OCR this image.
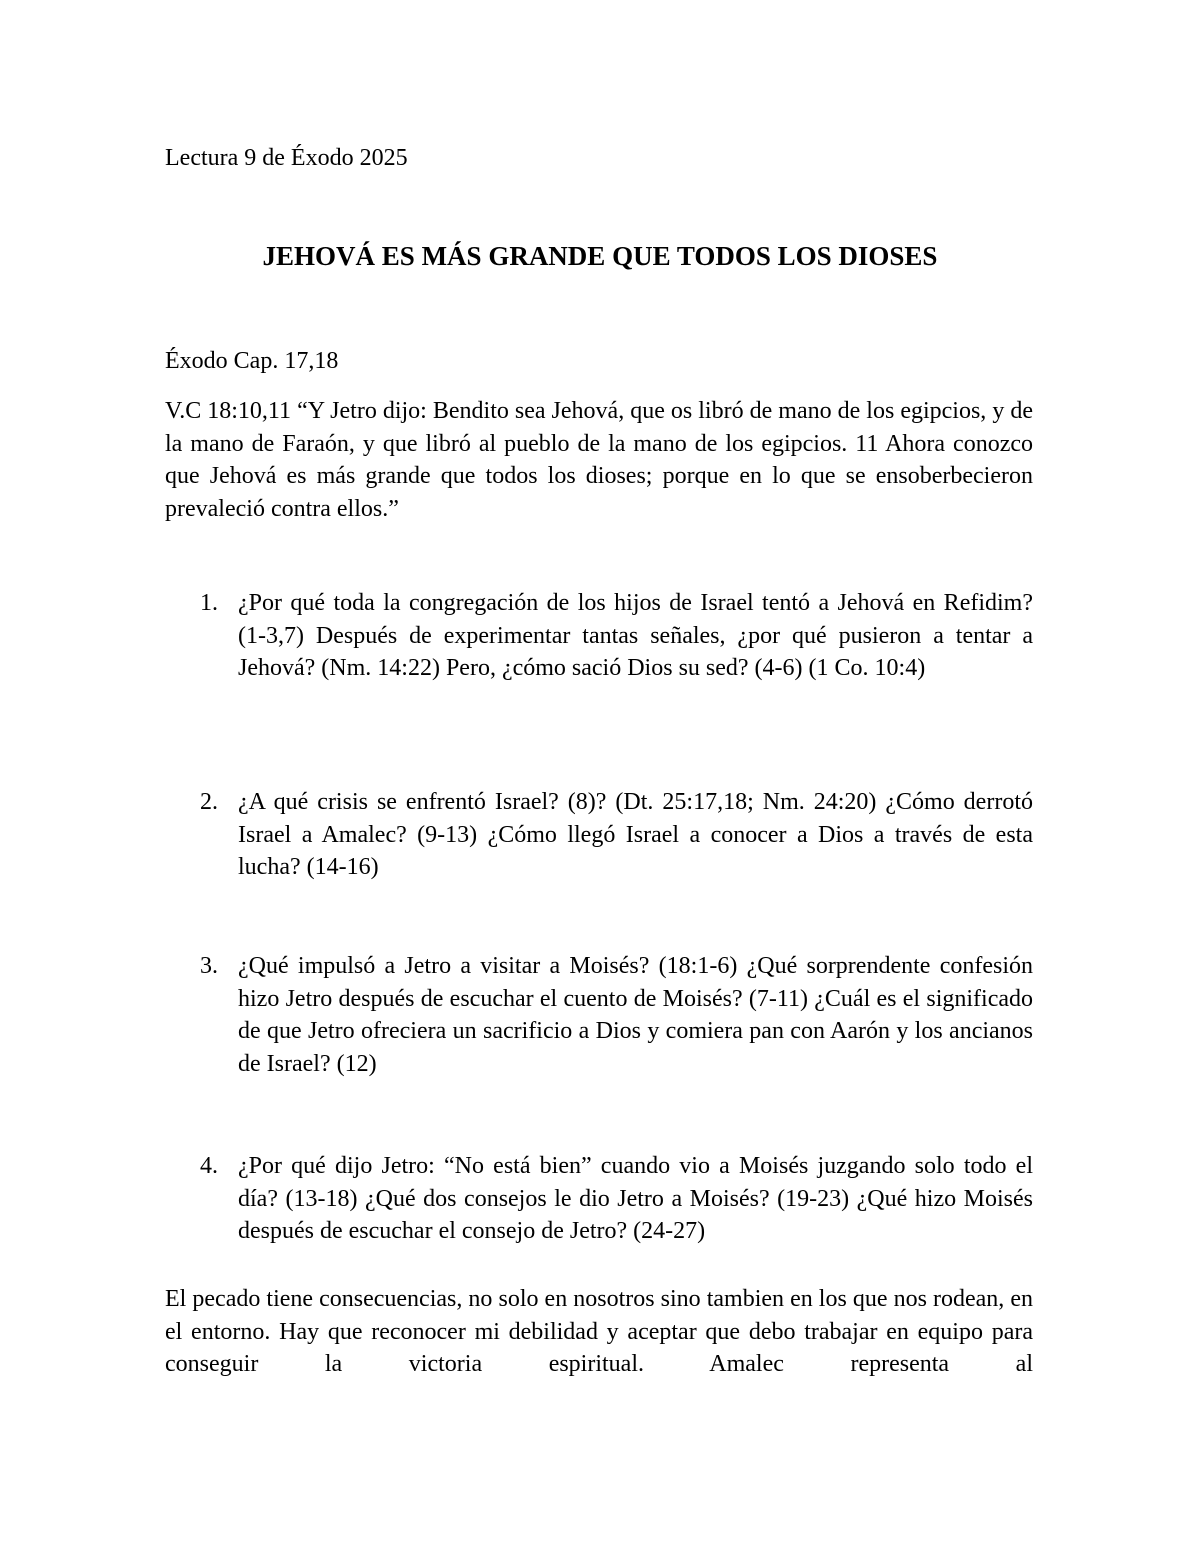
Lectura 9 de Éxodo 2025
JEHOVÁ ES MÁS GRANDE QUE TODOS LOS DIOSES
Éxodo Cap. 17,18
V.C 18:10,11 “Y Jetro dijo: Bendito sea Jehová, que os libró de mano de los egipcios, y de la mano de Faraón, y que libró al pueblo de la mano de los egipcios. 11 Ahora conozco que Jehová es más grande que todos los dioses; porque en lo que se ensoberbecieron prevaleció contra ellos.”
1. ¿Por qué toda la congregación de los hijos de Israel tentó a Jehová en Refidim? (1-3,7) Después de experimentar tantas señales, ¿por qué pusieron a tentar a Jehová? (Nm. 14:22) Pero, ¿cómo sació Dios su sed? (4-6) (1 Co. 10:4)
2. ¿A qué crisis se enfrentó Israel? (8)? (Dt. 25:17,18; Nm. 24:20) ¿Cómo derrotó Israel a Amalec? (9-13) ¿Cómo llegó Israel a conocer a Dios a través de esta lucha? (14-16)
3. ¿Qué impulsó a Jetro a visitar a Moisés? (18:1-6) ¿Qué sorprendente confesión hizo Jetro después de escuchar el cuento de Moisés? (7-11) ¿Cuál es el significado de que Jetro ofreciera un sacrificio a Dios y comiera pan con Aarón y los ancianos de Israel? (12)
4. ¿Por qué dijo Jetro: “No está bien” cuando vio a Moisés juzgando solo todo el día? (13-18) ¿Qué dos consejos le dio Jetro a Moisés? (19-23) ¿Qué hizo Moisés después de escuchar el consejo de Jetro? (24-27)
El pecado tiene consecuencias, no solo en nosotros sino tambien en los que nos rodean, en el entorno. Hay que reconocer mi debilidad y aceptar que debo trabajar en equipo para conseguir la victoria espiritual. Amalec representa al
